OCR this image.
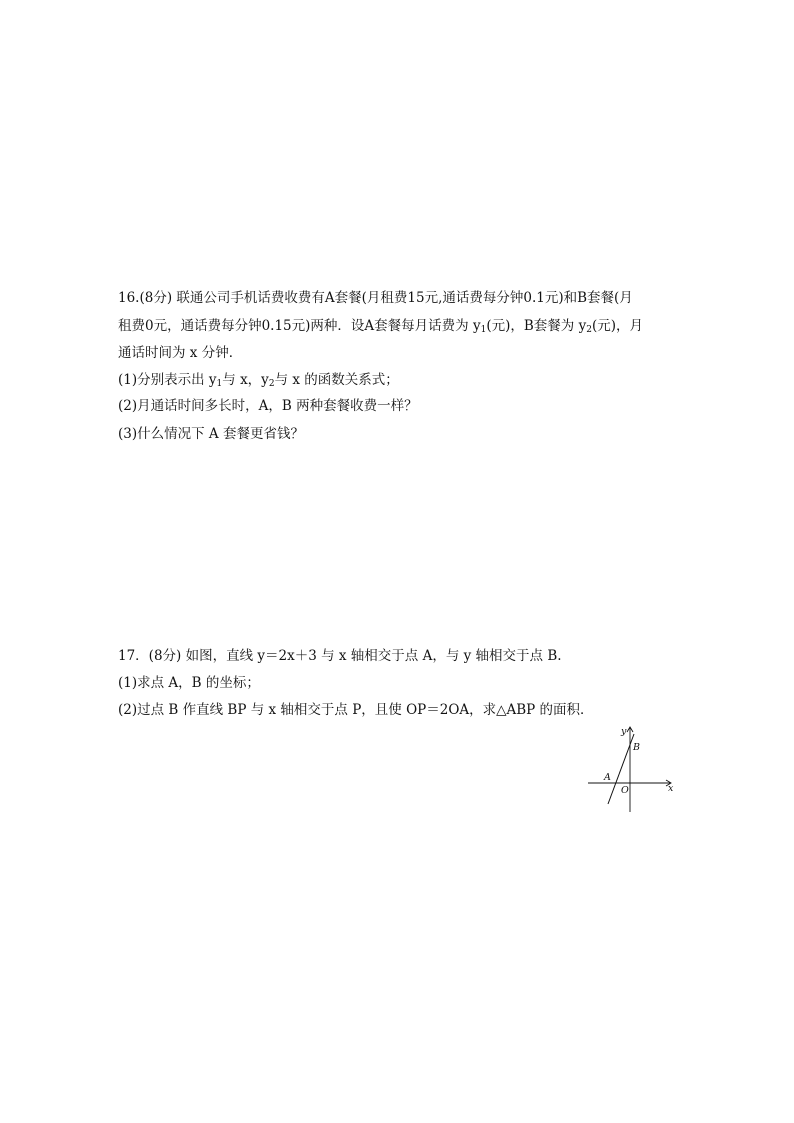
16.(8分) 联通公司手机话费收费有A套餐(月租费15元,通话费每分钟0.1元)和B套餐(月
租费0元，通话费每分钟0.15元)两种．设A套餐每月话费为 $y_1$(元)，B套餐为 $y_2$(元)，月
通话时间为 x 分钟．
(1)分别表示出 $y_1$与 x，$y_2$与 x 的函数关系式；
(2)月通话时间多长时，A，B 两种套餐收费一样？
(3)什么情况下 A 套餐更省钱？
17．(8分) 如图，直线 y＝2x＋3 与 x 轴相交于点 A，与 y 轴相交于点 B.
(1)求点 A，B 的坐标；
(2)过点 B 作直线 BP 与 x 轴相交于点 P，且使 OP＝2OA，求△ABP 的面积．
y
x
O
A
B
